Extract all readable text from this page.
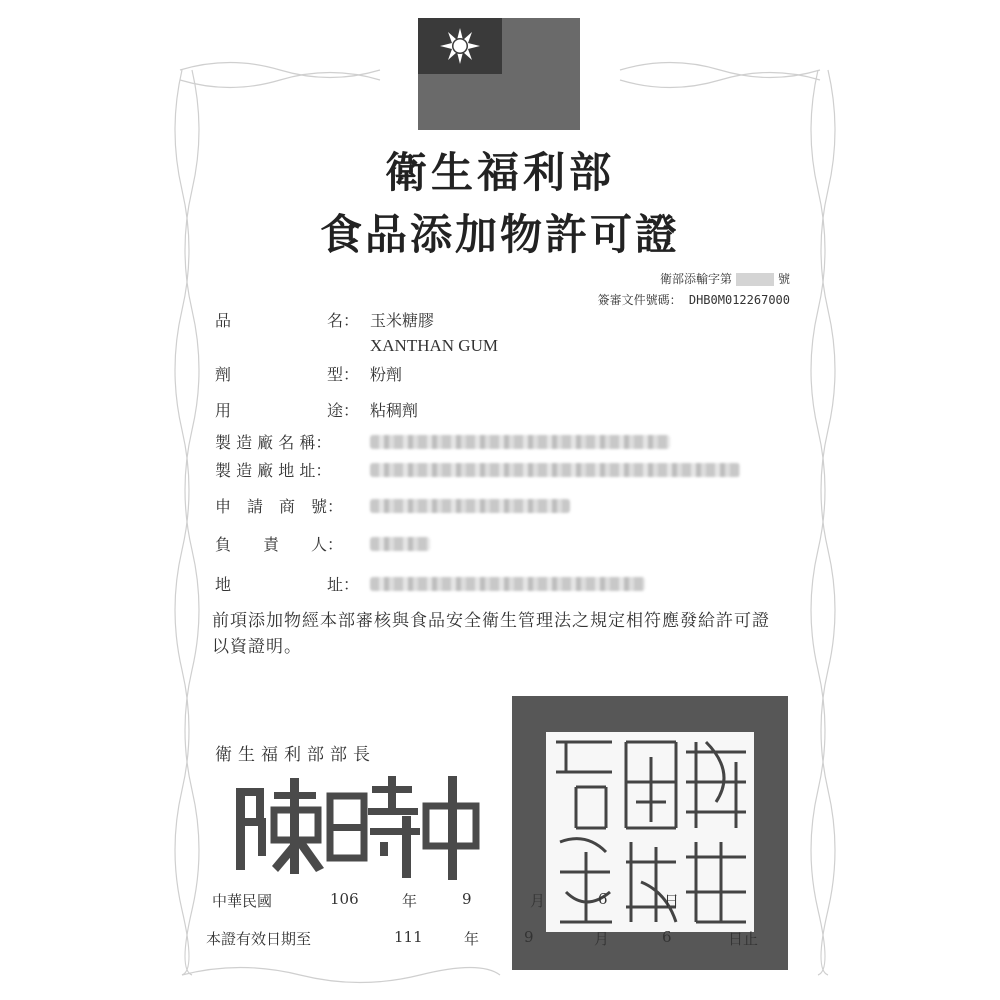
衛生福利部
食品添加物許可證
衛部添輸字第	號
簽審文件號碼： DHB0M012267000
品　　　　　　名： 玉米糖膠
XANTHAN GUM
劑　　　　　　型： 粉劑
用　　　　　　途： 粘稠劑
製 造 廠 名 稱：
製 造 廠 地 址：
申　請　商　號：
負　　責　　人：
地　　　　　　址：
前項添加物經本部審核與食品安全衛生管理法之規定相符應發給許可證以資證明。
衛生福利部部長
中華民國	106	年	9	月	6	日
本證有效日期至	111	年	9	月	6	日止
